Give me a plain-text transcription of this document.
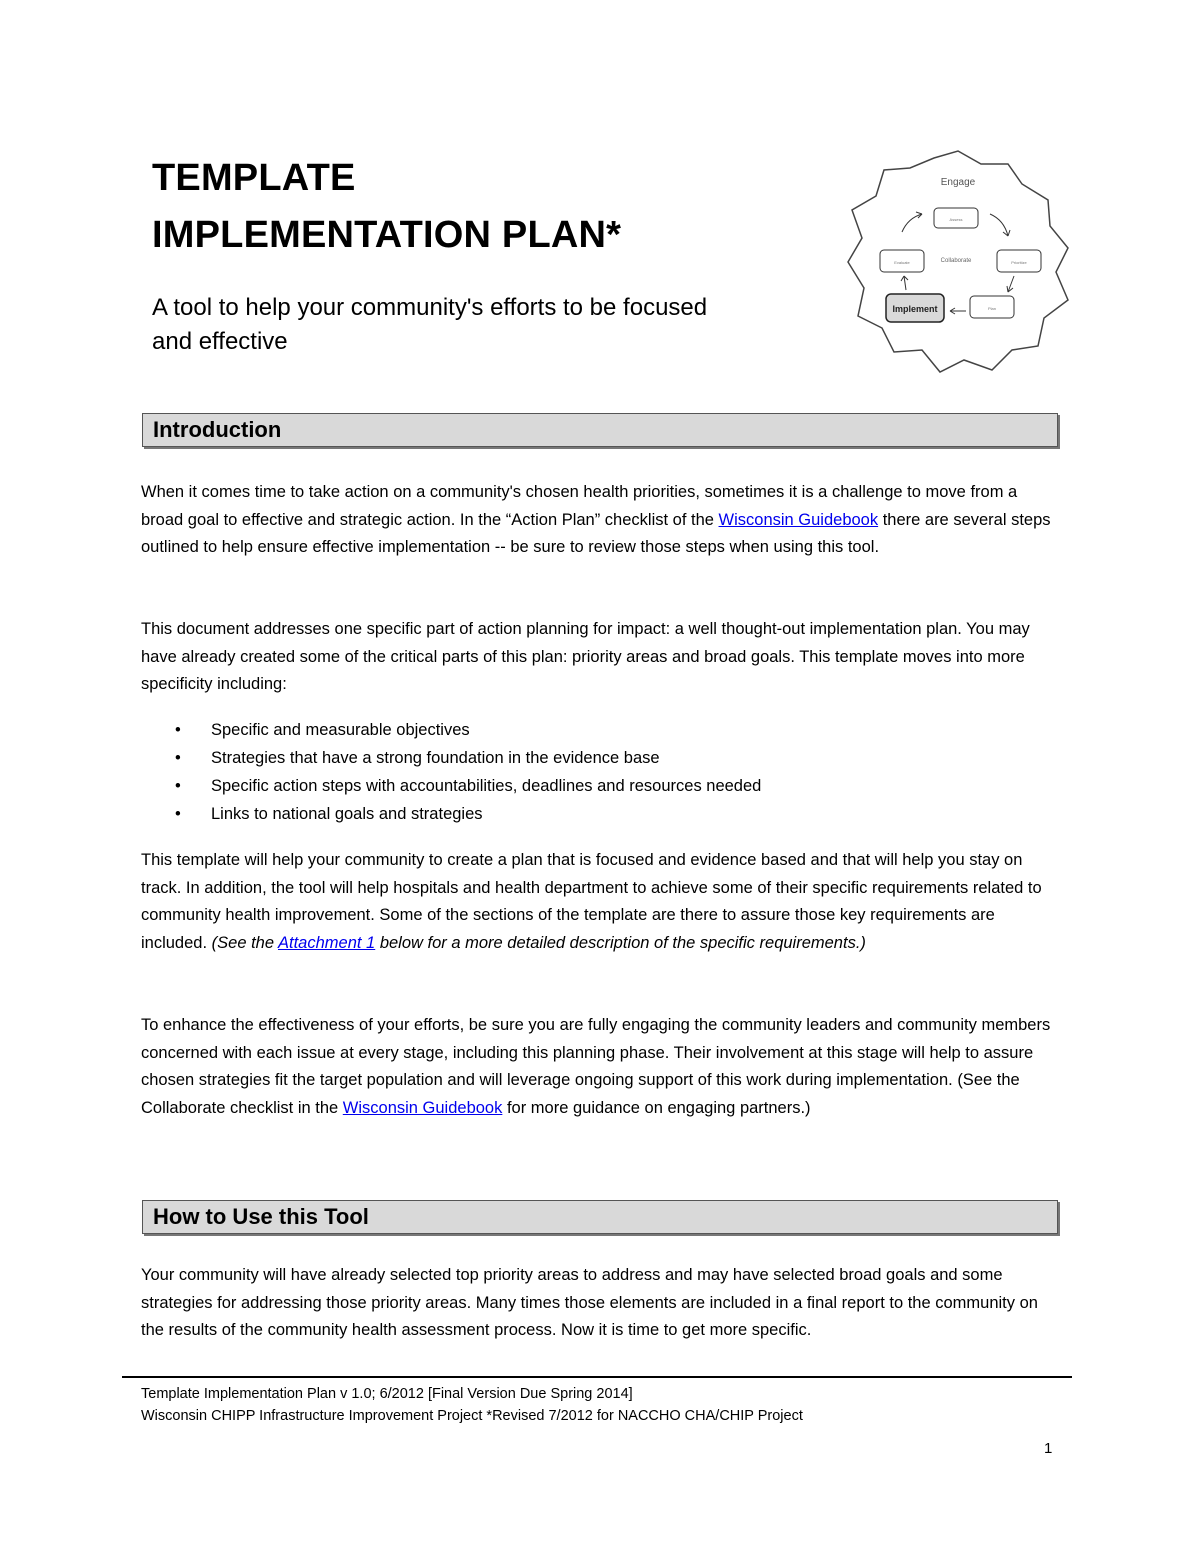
TEMPLATE
IMPLEMENTATION PLAN*

A tool to help your community's efforts to be focused and effective

Engage
Collaborate
Assess
Prioritize
Plan
Implement
Evaluate
Introduction

When it comes time to take action on a community's chosen health priorities, sometimes it is a challenge to move from a broad goal to effective and strategic action. In the “Action Plan” checklist of the Wisconsin Guidebook there are several steps outlined to help ensure effective implementation -- be sure to review those steps when using this tool.

This document addresses one specific part of action planning for impact: a well thought-out implementation plan. You may have already created some of the critical parts of this plan: priority areas and broad goals. This template moves into more specificity including:

• Specific and measurable objectives
• Strategies that have a strong foundation in the evidence base
• Specific action steps with accountabilities, deadlines and resources needed
• Links to national goals and strategies

This template will help your community to create a plan that is focused and evidence based and that will help you stay on track. In addition, the tool will help hospitals and health department to achieve some of their specific requirements related to community health improvement. Some of the sections of the template are there to assure those key requirements are included. (See the Attachment 1 below for a more detailed description of the specific requirements.)

To enhance the effectiveness of your efforts, be sure you are fully engaging the community leaders and community members concerned with each issue at every stage, including this planning phase. Their involvement at this stage will help to assure chosen strategies fit the target population and will leverage ongoing support of this work during implementation. (See the Collaborate checklist in the Wisconsin Guidebook for more guidance on engaging partners.)

How to Use this Tool

Your community will have already selected top priority areas to address and may have selected broad goals and some strategies for addressing those priority areas. Many times those elements are included in a final report to the community on the results of the community health assessment process. Now it is time to get more specific.

Template Implementation Plan v 1.0; 6/2012 [Final Version Due Spring 2014]
Wisconsin CHIPP Infrastructure Improvement Project *Revised 7/2012 for NACCHO CHA/CHIP Project

1
